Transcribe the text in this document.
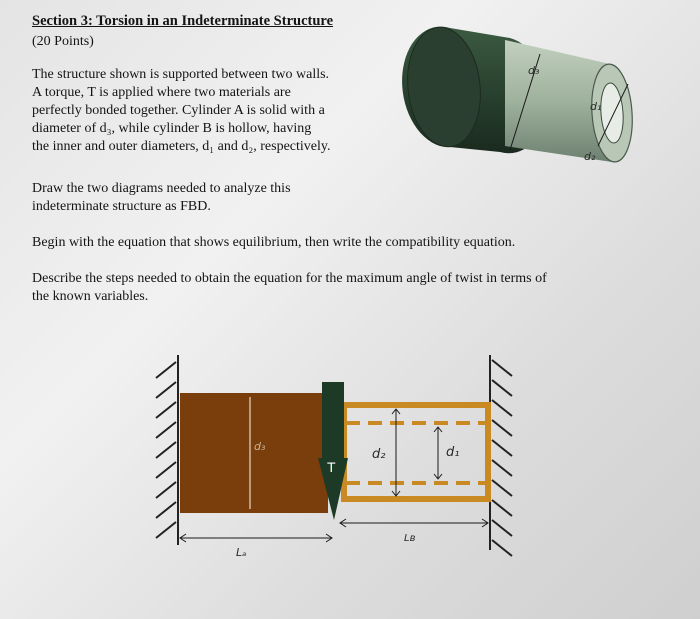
Section 3: Torsion in an Indeterminate Structure

(20 Points)

The structure shown is supported between two walls.
A torque, T is applied where two materials are
perfectly bonded together. Cylinder A is solid with a
diameter of d₃, while cylinder B is hollow, having
the inner and outer diameters, d₁ and d₂, respectively.

Draw the two diagrams needed to analyze this
indeterminate structure as FBD.

Begin with the equation that shows equilibrium, then write the compatibility equation.

Describe the steps needed to obtain the equation for the maximum angle of twist in terms of
the known variables.

d₃
d₁
d₂
d₃
d₂	d₁
T
Lₐ
Lʙ
